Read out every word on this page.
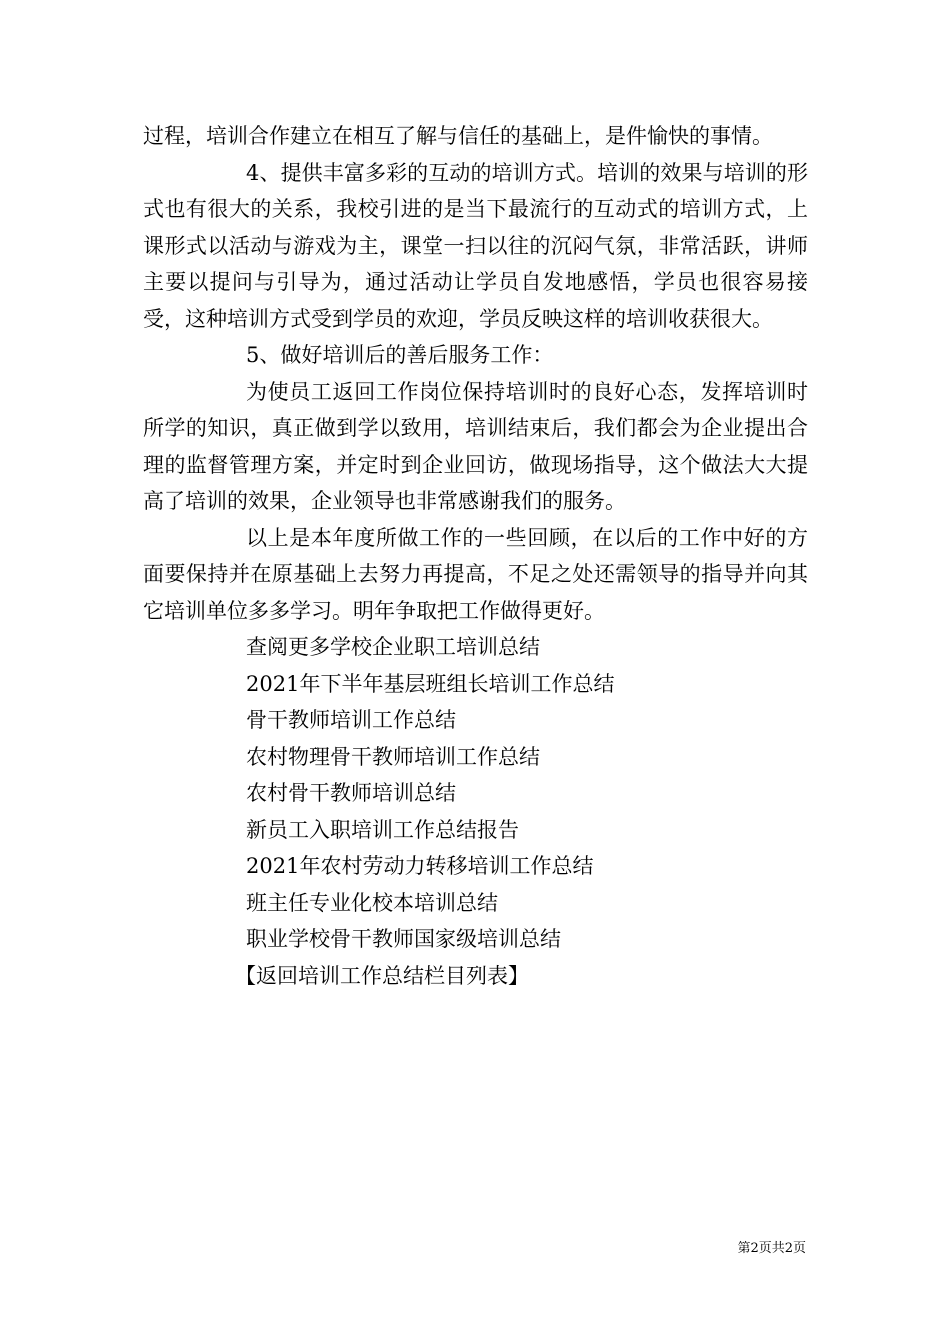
过程，培训合作建立在相互了解与信任的基础上，是件愉快的事情。

4、提供丰富多彩的互动的培训方式。培训的效果与培训的形式也有很大的关系，我校引进的是当下最流行的互动式的培训方式，上课形式以活动与游戏为主，课堂一扫以往的沉闷气氛，非常活跃，讲师主要以提问与引导为，通过活动让学员自发地感悟，学员也很容易接受，这种培训方式受到学员的欢迎，学员反映这样的培训收获很大。

5、做好培训后的善后服务工作：

为使员工返回工作岗位保持培训时的良好心态，发挥培训时所学的知识，真正做到学以致用，培训结束后，我们都会为企业提出合理的监督管理方案，并定时到企业回访，做现场指导，这个做法大大提高了培训的效果，企业领导也非常感谢我们的服务。

以上是本年度所做工作的一些回顾，在以后的工作中好的方面要保持并在原基础上去努力再提高，不足之处还需领导的指导并向其它培训单位多多学习。明年争取把工作做得更好。

查阅更多学校企业职工培训总结
2021年下半年基层班组长培训工作总结
骨干教师培训工作总结
农村物理骨干教师培训工作总结
农村骨干教师培训总结
新员工入职培训工作总结报告
2021年农村劳动力转移培训工作总结
班主任专业化校本培训总结
职业学校骨干教师国家级培训总结
【返回培训工作总结栏目列表】
第2页共2页
